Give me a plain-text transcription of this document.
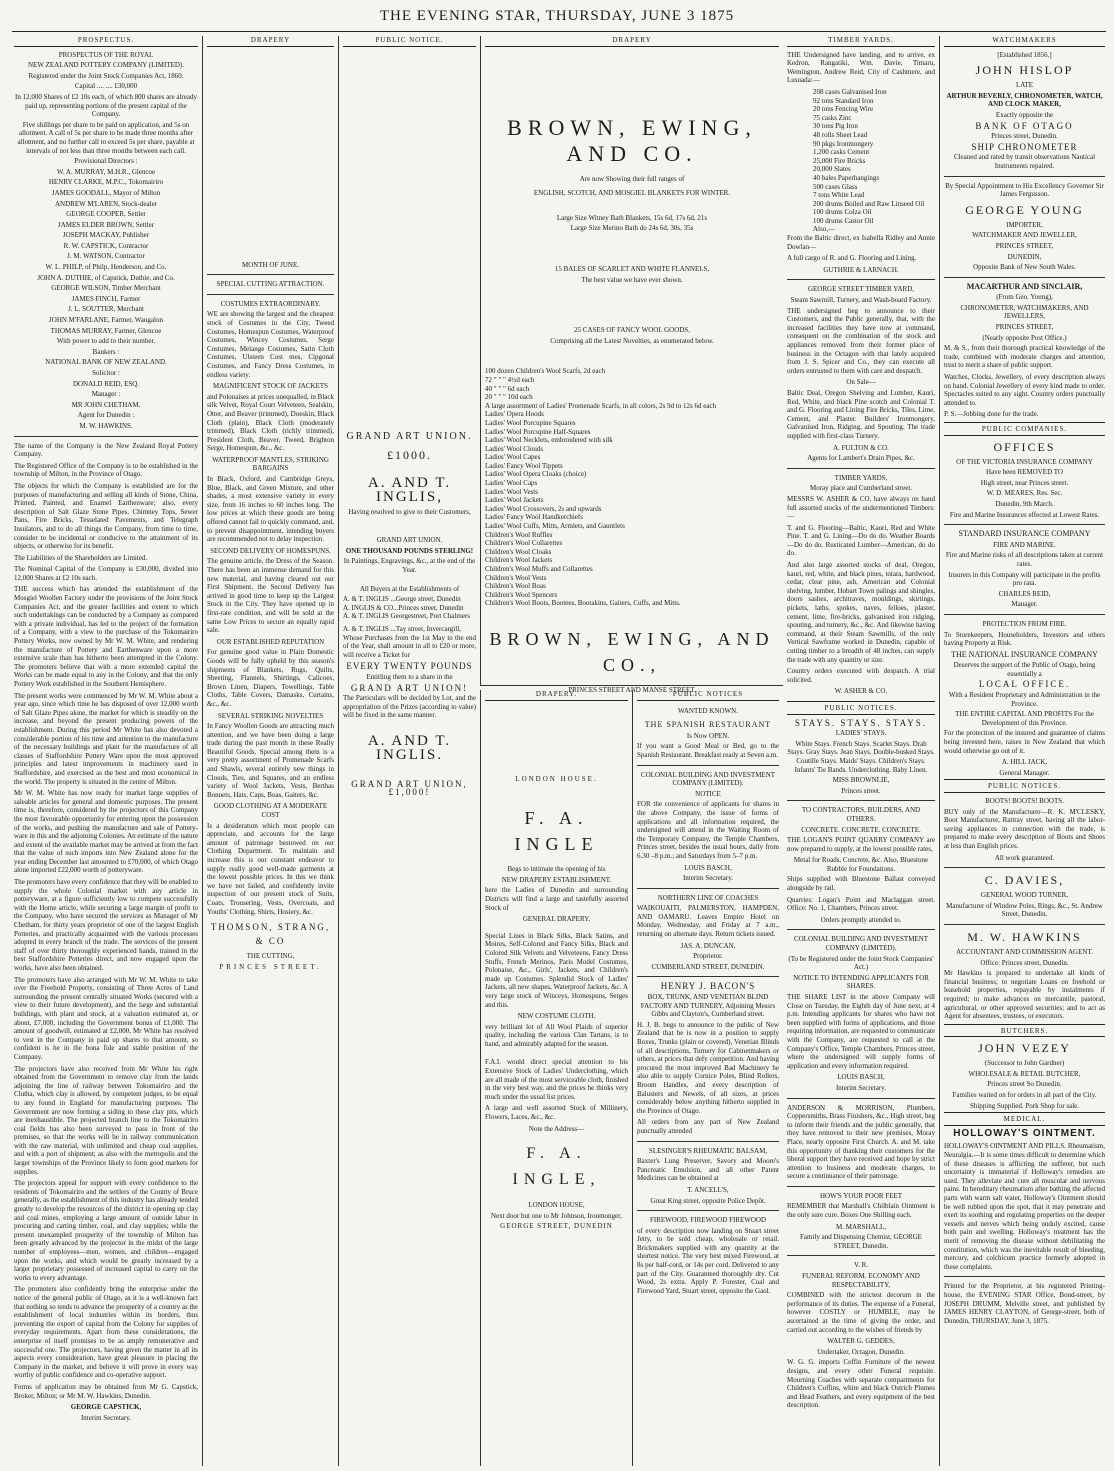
THE EVENING STAR, THURSDAY, JUNE 3 1875
PROSPECTUS.
PROSPECTUS OF THE ROYAL
NEW ZEALAND POTTERY COMPANY (LIMITED).
Registered under the Joint Stock Companies Act, 1860.
Capital .... .... £30,000
In 12,000 Shares of £2 10s each, of which 800 shares are already paid up, representing portions of the present capital of the Company.
Five shillings per share to be paid on application, and 5s on allotment. A call of 5s per share to be made three months after allotment, and no further call to exceed 5s per share, payable at intervals of not less than three months between each call.
Provisional Directors :
W. A. MURRAY, M.H.R., Glencoe
HENRY CLARKE, M.P.C., Tokomairiro
JAMES GOODALL, Mayor of Milton
ANDREW M'LAREN, Stock-dealer
GEORGE COOPER, Settler
JAMES ELDER BROWN, Settler
JOSEPH MACKAY, Publisher
R. W. CAPSTICK, Contractor
J. M. WATSON, Contractor
W. L. PHILP, of Philp, Henderson, and Co.
JOHN A. DUTHIE, of Capstick, Duthie, and Co.
GEORGE WILSON, Timber Merchant
JAMES FINCH, Farmer
J. L. SOUTTER, Merchant
JOHN M'FARLANE, Farmer, Waugalon
THOMAS MURRAY, Farmer, Glencoe
With power to add to their number.
Bankers :
NATIONAL BANK OF NEW ZEALAND.
Solicitor :
DONALD REID, ESQ.
Manager :
MR JOHN CHETHAM.
Agent for Dunedin :
M. W. HAWKINS.
The name of the Company is the New Zealand Royal Pottery Company.
The Registered Office of the Company is to be established in the township of Milton, in the Province of Otago.
The objects for which the Company is established are for the purposes of manufacturing and selling all kinds of Stone, China, Printed, Painted, and Enamel Earthenware; also, every description of Salt Glaze Stone Pipes, Chimney Tops, Sewer Pans, Fire Bricks, Tesselated Pavements, and Telegraph Insulators, and to do all things the Company, from time to time, consider to be incidental or conducive to the attainment of its objects, or otherwise for its benefit.
The Liabilities of the Shareholders are Limited.
The Nominal Capital of the Company is £30,000, divided into 12,000 Shares at £2 10s each.
THE success which has attended the establishment of the Mosgiel Woollen Factory under the provisions of the Joint Stock Companies Act, and the greater facilities and extent to which such undertakings can be conducted by a Company as compared with a private individual, has led to the project of the formation of a Company, with a view to the purchase of the Tokomairiro Pottery Works, now owned by Mr W. M. White, and rendering the manufacture of Pottery and Earthenware upon a more extensive scale than has hitherto been attempted in the Colony. The promoters believe that with a more extended capital the Works can be made equal to any in the Colony, and that the only Pottery Work established in the Southern Hemisphere.
The present works were commenced by Mr W. M. White about a year ago, since which time he has disposed of over 12,000 worth of Salt Glaze Pipes alone, the market for which is steadily on the increase, and beyond the present producing powers of the establishment. During this period Mr White has also devoted a considerable portion of his time and attention to the manufacture of the necessary buildings and plant for the manufacture of all classes of Staffordshire Pottery Ware upon the most approved principles and latest improvements in machinery used in Staffordshire, and exercised as the best and most economical in the world. The property is situated in the centre of Milton.
Mr W. M. White has now ready for market large supplies of saleable articles for general and domestic purposes. The present time is, therefore, considered by the projectors of this Company the most favourable opportunity for entering upon the possession of the works, and pushing the manufacture and sale of Pottery-ware in this and the adjoining Colonies. An estimate of the nature and extent of the available market may be arrived at from the fact that the value of such imports into New Zealand alone for the year ending December last amounted to £70,000, of which Otago alone imported £22,000 worth of potteryware.
The promoters have every confidence that they will be enabled to supply the whole Colonial market with any article in potteryware, at a figure sufficiently low to compete successfully with the Home article, while securing a large margin of profit to the Company, who have secured the services as Manager of Mr Chetham, for thirty years proprietor of one of the largest English Potteries, and practically acquainted with the various processes adopted in every branch of the trade. The services of the present staff of over thirty thoroughly experienced hands, trained in the best Staffordshire Potteries direct, and now engaged upon the works, have also been obtained.
The promoters have also arranged with Mr W. M. White to take over the Freehold Property, consisting of Three Acres of Land surrounding the present centrally situated Works (secured with a view to their future development), and the large and substantial buildings, with plant and stock, at a valuation estimated at, or about, £7,000, including the Government bonus of £1,000. The amount of goodwill, estimated at £2,000, Mr White has resolved to vest in the Company in paid up shares to that amount, so confident is he in the bona fide and stable position of the Company.
The projectors have also received from Mr White his right obtained from the Government to remove clay from the lands adjoining the line of railway between Tokomairiro and the Clutha, which clay is allowed, by competent judges, to be equal to any found in England for manufacturing purposes. The Government are now forming a siding to these clay pits, which are inexhaustible. The projected branch line to the Tokomairiro coal fields has also been surveyed to pass in front of the premises, so that the works will be in railway communication with the raw material, with unlimited and cheap coal supplies, and with a port of shipment; as also with the metropolis and the larger townships of the Province likely to form good markets for supplies.
The projectors appeal for support with every confidence to the residents of Tokomairiro and the settlers of the County of Bruce generally, as the establishment of this industry has already tended greatly to develop the resources of the district in opening up clay and coal mines, employing a large amount of outside labor in procuring and carting timber, coal, and clay supplies; while the present unexampled prosperity of the township of Milton has been greatly advanced by the projector in the midst of the large number of employees—men, women, and children—engaged upon the works, and which would be greatly increased by a larger proprietary possessed of increased capital to carry on the works to every advantage.
The promoters also confidently bring the enterprise under the notice of the general public of Otago, as it is a well-known fact that nothing so tends to advance the prosperity of a country as the establishment of local industries within its borders, thus preventing the export of capital from the Colony for supplies of everyday requirements. Apart from these considerations, the enterprise of itself promises to be as amply remunerative and successful one. The projectors, having given the matter in all its aspects every consideration, have great pleasure in placing the Company in the market, and believe it will prove in every way worthy of public confidence and co-operative support.
Forms of application may be obtained from Mr G. Capstick, Broker, Milton; or Mr M. W. Hawkins, Dunedin.
GEORGE CAPSTICK,
Interim Secretary.
DRAPERY
MONTH OF JUNE.
SPECIAL CUTTING ATTRACTION.
COSTUMES EXTRAORDINARY.
WE are showing the largest and the cheapest stock of Costumes in the City, Tweed Costumes, Homespun Costumes, Waterproof Costumes, Wincey Costumes, Serge Costumes, Melange Costumes, Satin Cloth Costumes, Ulsteen Cost mes, Cipgonal Costumes, and Fancy Dress Costumes, in endless variety.
MAGNIFICENT STOCK OF JACKETS
and Polonaises at prices unequalled, in Black silk Velvet, Royal Court Velveteen, Sealskin, Otter, and Beaver (trimmed), Doeskin, Black Cloth (plain), Black Cloth (moderately trimmed), Black Cloth (richly trimmed), President Cloth, Beaver, Tweed, Brighton Serge, Homespun, &c., &c.
WATERPROOF MANTLES, STRIKING BARGAINS
In Black, Oxford, and Cambridge Greys, Blue, Black, and Green Mixture, and other shades, a most extensive variety in every size, from 16 inches to 60 inches long. The low prices at which these goods are being offered cannot fail to quickly command, and, to prevent disappointment, intending buyers are recommended not to delay inspection.
SECOND DELIVERY OF HOMESPUNS.
The genuine article, the Dress of the Season. There has been an immense demand for this new material, and having cleared out our First Shipment, the Second Delivery has arrived in good time to keep up the Largest Stock in the City. They have opened up in first-rate condition, and will be sold at the same Low Prices to secure an equally rapid sale.
OUR ESTABLISHED REPUTATION
For genuine good value in Plain Domestic Goods will be fully upheld by this season's shipments of Blankets, Rugs, Quilts, Sheeting, Flannels, Shirtings, Calicoes, Brown Linen, Diapers, Towellings, Table Cloths, Table Covers, Damasks, Curtains, &c., &c.
SEVERAL STRIKING NOVELTIES
In Fancy Woollen Goods are attracting much attention, and we have been doing a large trade during the past month in these Really Beautiful Goods. Special among them is a very pretty assortment of Promenade Scarfs and Shawls, several entirely new things in Clouds, Ties, and Squares, and an endless variety of Wool Jackets, Vests, Berthas Bonnets, Hats, Caps, Boas, Gaiters, &c.
GOOD CLOTHING AT A MODERATE COST
Is a desideratum which most people can appreciate, and accounts for the large amount of patronage bestowed on our Clothing Department. To maintain and increase this is our constant endeavor to supply really good well-made garments at the lowest possible prices. In this we think we have not failed, and confidently invite inspection of our present stock of Suits, Coats, Trousering, Vests, Overcoats, and Youths' Clothing, Shirts, Hosiery, &c.
THOMSON, STRANG, & CO
THE CUTTING,
PRINCES STREET.
PUBLIC NOTICE.
GRAND ART UNION.
£1000.
A. AND T. INGLIS,
Having resolved to give to their Customers,
GRAND ART UNION.
ONE THOUSAND POUNDS STERLING!
In Paintings, Engravings, &c., at the end of the Year.
All Buyers at the Establishments of
A. & T. INGLIS ...George street, Dunedin
A. INGLIS & CO...Princes street, Dunedin
A. & T. INGLIS Georgestreet, Port Chalmers
A. & T. INGLIS ...Tay street, Invercargill,
Whose Purchases from the 1st May to the end of the Year, shall amount in all to £20 or more, will receive a Ticket for
EVERY TWENTY POUNDS
Entitling them to a share in the
GRAND ART UNION!
The Particulars will be decided by Lot, and the appropriation of the Prizes (according to value) will be fixed in the same manner.
A. AND T. INGLIS.
GRAND ART UNION, £1,000!
DRAPERY
BROWN, EWING, AND CO.
Are now Showing their full ranges of
ENGLISH, SCOTCH, AND MOSGIEL BLANKETS FOR WINTER.
Large Size Witney Bath Blankets, 15s 6d, 17s 6d, 21s
Large Size Merino Bath do 24s 6d, 30s, 35s
15 BALES OF SCARLET AND WHITE FLANNELS,
The best value we have ever shown.
25 CASES OF FANCY WOOL GOODS,
Comprising all the Latest Novelties, as enumerated below.
100 dozen Children's Wool Scarfs, 2d each
72 " " " 4½d each
40 " " " 6d each
20 " " " 10d each
A large assortment of Ladies' Promenade Scarfs, in all colors, 2s 9d to 12s 6d each
Ladies' Opera Hoods
Ladies' Wool Porcupine Squares
Ladies' Wool Porcupine Half-Squares
Ladies' Wool Necklets, embroidered with silk
Ladies' Wool Clouds
Ladies' Wool Capes
Ladies' Fancy Wool Tippets
Ladies' Wool Opera Cloaks (choice)
Ladies' Wool Caps
Ladies' Wool Vests
Ladies' Wool Jackets
Ladies' Wool Crossovers, 2s and upwards
Ladies' Fancy Wool Handkerchiefs
Ladies' Wool Cuffs, Mitts, Armlets, and Gauntlets
Children's Wool Ruffles
Children's Wool Collarettes
Children's Wool Cloaks
Children's Wool Jackets
Children's Wool Muffs and Collarettes
Children's Wool Vests
Children's Wool Boas
Children's Wool Spencers
Children's Wool Boots, Bootees, Bootakins, Gaiters, Cuffs, and Mitts.
BROWN, EWING, AND CO.,
PRINCES STREET AND MANSE STREET.
DRAPERY.
LONDON HOUSE.
F. A. INGLE
Begs to intimate the opening of his
NEW DRAPERY ESTABLISHMENT.
here the Ladies of Dunedin and surrounding Districts will find a large and tastefully assorted Stock of
GENERAL DRAPERY.
Special Lines in Black Silks, Black Satins, and Moires, Self-Colored and Fancy Silks, Black and Colored Silk Velvets and Velveteens, Fancy Dress Stuffs, French Merinos, Paris Model Costumes, Polonaise, &c., Girls', Jackets, and Children's made up Costumes. Splendid Stock of Ladies' Jackets, all new shapes, Waterproof Jackets, &c. A very large stock of Winceys, Homespuns, Serges and this.
NEW COSTUME CLOTH.
very brilliant lot of All Wool Plaids of superior quality, including the various Clan Tartans, is to hand, and admirably adapted for the season.
F.A.I. would direct special attention to his Extensive Stock of Ladies' Underclothing, which are all made of the most serviceable cloth, finished in the very best way, and the prices he thinks very much under the usual list prices.
A large and well assorted Stock of Millinery, Flowers, Laces, &c., &c.
Note the Address—
F. A. INGLE,
LONDON HOUSE,
Next door but one to Mr Johnson, Ironmonger,
GEORGE STREET, DUNEDIN
PUBLIC NOTICES
WANTED KNOWN.
THE SPANISH RESTAURANT
Is Now OPEN.
If you want a Good Meal or Bed, go to the Spanish Restaurant. Breakfast ready at Seven a.m.
COLONIAL BUILDING AND INVESTMENT COMPANY (LIMITED).
NOTICE
FOR the convenience of applicants for shares in the above Company, the issue of forms of applications and all information required, the undersigned will attend in the Waiting Room of the Temporary Company, the Temple Chambers, Princes street, besides the usual hours, daily from 6.30 –8 p.m.; and Saturdays from 5–7 p.m.
LOUIS BASCH,
Interim Secretary.
NORTHERN LINE OF COACHES
WAIKOUAITI, PALMERSTON, HAMPDEN, AND OAMARU. Leaves Empire Hotel on Monday, Wednesday, and Friday at 7 a.m., returning on alternate days. Return tickets issued.
JAS. A. DUNCAN,
Proprietor.
CUMBERLAND STREET, DUNEDIN.
HENRY J. BACON'S
BOX, TRUNK, AND VENETIAN BLIND FACTORY AND TURNERY, Adjoining Messrs Gibbs and Clayton's, Cumberland street.
H. J. B. begs to announce to the public of New Zealand that he is now in a position to supply Boxes, Trunks (plain or covered), Venetian Blinds of all descriptions, Turnery for Cabinetmakers or others, at prices that defy competition. And having procured the most improved Bad Machinery he also able to supply Cornice Poles, Blind Rollers, Broom Handles, and every description of Balusters and Newels, of all sizes, at prices considerably below anything hitherto supplied in the Province of Otago.
All orders from any part of New Zealand punctually attended
SLESINGER'S RHEUMATIC BALSAM,
Baxter's Lung Preserver, Savory and Moore's Pancreatic Emulsion, and all other Patent Medicines can be obtained at
T. ANCELL'S,
Great King street, opposite Police Depôt.
FIREWOOD, FIREWOOD FIREWOOD
of every description now landing on Stuart street Jetty, to be sold cheap, wholesale or retail. Brickmakers supplied with any quantity at the shortest notice. The very best mixed Firewood, at 8s per half-cord, or 14s per cord. Delivered to any part of the City. Guaranteed thoroughly dry. Cut Wood, 2s extra. Apply P. Forester, Coal and Firewood Yard, Stuart street, opposite the Gaol.
TIMBER YARDS.
THE Undersigned have landing, and to arrive, ex Kedron, Rangatiki, Wm. Davie, Timaru, Wemington, Andrew Reid, City of Cashmere, and Lusuada:—
208 cases Galvanised Iron
92 tons Standard Iron
20 tons Fencing Wire
75 casks Zinc
30 tons Pig Iron
48 rolls Sheet Lead
90 pkgs Ironmongery
1,200 casks Cement
25,000 Fire Bricks
20,000 Slates
40 bales Paperhangings
500 cases Glass
7 tons White Lead
200 drums Boiled and Raw Linseed Oil
100 drums Colza Oil
100 drums Castor Oil
Also,—
From the Baltic direct, ex Isabella Ridley and Annie Dowlan—
A full cargo of R. and G. Flooring and Lining.
GUTHRIE & LARNACH.
GEORGE STREET TIMBER YARD,
Steam Sawmill, Turnery, and Wash-board Factory.
THE undersigned beg to announce to their Customers, and the Public generally, that, with the increased facilities they have now at command, consequent on the combination of the stock and appliances removed from their former place of business in the Octagon with that lately acquired from J. S. Spicer and Co., they can execute all orders entrusted to them with care and despatch.
On Sale—
Baltic Deal, Oregon Shelving and Lumber, Kauri, Red, White, and black Pine scotch and Colonial T. and G. Flooring and Lining Fire Bricks, Tiles, Lime, Cement, and Plaster. Builders' Ironmongery, Galvanised Iron, Ridging, and Spouting. The trade supplied with first-class Turnery.
A. FULTON & CO.
Agents for Lambert's Drain Pipes, &c.
TIMBER YARDS,
Moray place and Cumberland street.
MESSRS W. ASHER & CO. have always on hand full assorted stocks of the undermentioned Timbers:—
T. and G. Flooring—Baltic, Kauri, Red and White Pine. T. and G. Lining—Do do do. Weather Boards—Do do do. Rusticated Lumber—American, do do do.
And also large assorted stocks of deal, Oregon, kauri, red, white, and black pines, totara, hardwood, cedar, clear pine, ash, American and Colonial shelving, lumber, Hobart Town palings and shingles, doors sashes, architraves, mouldings, skirtings, pickets, laths, spokes, naves, felloes, plaster, cement, lime, fire-bricks, galvanised iron ridging, spouting, and turnery, &c., &c. And likewise having command, at their Steam Sawmills, of the only Vertical Sawframe worked in Dunedin, capable of cutting timber to a breadth of 48 inches, can supply the trade with any quantity or size.
Country orders executed with despatch. A trial solicited.
W. ASHER & CO.
PUBLIC NOTICES.
STAYS. STAYS. STAYS.
LADIES' STAYS.
White Stays. French Stays. Scarlet Stays. Drab Stays. Gray Stays. Jean Stays. Double-busked Stays. Coutille Stays. Maids' Stays. Children's Stays. Infants' Tie Bands. Underclothing. Baby Linen.
MISS BROWNLIE,
Princes street.
TO CONTRACTORS, BUILDERS, AND OTHERS.
CONCRETE. CONCRETE. CONCRETE.
THE LOGAN'S POINT QUARRY COMPANY are now prepared to supply, at the lowest possible rates,
Metal for Roads, Concrete, &c. Also, Bluestone Rubble for Foundations.
Ships supplied with Bluestone Ballast conveyed alongside by rail.
Quarries: Logan's Point and Maclaggan street. Office: No. 1, Chambers, Princes street.
Orders promptly attended to.
COLONIAL BUILDING AND INVESTMENT COMPANY (LIMITED).
(To be Registered under the Joint Stock Companies' Act.)
NOTICE TO INTENDING APPLICANTS FOR SHARES.
THE SHARE LIST in the above Company will Close on Tuesday, the Eighth day of June next, at 4 p.m. Intending applicants for shares who have not been supplied with forms of applications, and those requiring information, are requested to communicate with the Company, are requested to call at the Company's Office, Temple Chambers, Princes street, where the undersigned will supply forms of application and every information required.
LOUIS BASCH,
Interim Secretary.
ANDERSON & MORRISON, Plumbers, Coppersmiths, Brass Finishers, &c., High street, beg to inform their friends and the public generally, that they have removed to their new premises, Moray Place, nearly opposite First Church. A. and M. take this opportunity of thanking their customers for the liberal support they have received and hope by strict attention to business and moderate charges, to secure a continuance of their patronage.
HOW'S YOUR POOR FEET
REMEMBER that Marshall's Chilblain Ointment is the only sure cure. Boxes One Shilling each.
M. MARSHALL,
Family and Dispensing Chemist, GEORGE STREET, Dunedin.
V. R.
FUNERAL REFORM. ECONOMY AND RESPECTABILITY,
COMBINED with the strictest decorum in the performance of its duties. The expense of a Funeral, however COSTLY or HUMBLE, may be ascertained at the time of giving the order, and carried out according to the wishes of friends by
WALTER G. GEDDES,
Undertaker, Octagon, Dunedin.
W. G. G. imports Coffin Furniture of the newest designs, and every other Funeral requisite. Mourning Coaches with separate compartments for Children's Coffins, white and black Ostrich Plumes and Head Feathers, and every equipment of the best description.
WATCHMAKERS
[Established 1856.]
JOHN HISLOP
LATE
ARTHUR BEVERLY, CHRONOMETER, WATCH, AND CLOCK MAKER,
Exactly opposite the
BANK OF OTAGO
Princes street, Dunedin.
SHIP CHRONOMETER
Cleaned and rated by transit observations Nautical Instruments repaired.
By Special Appointment to His Excellency Governor Sir James Fergusson.
GEORGE YOUNG
IMPORTER,
WATCHMAKER AND JEWELLER,
PRINCES STREET,
DUNEDIN,
Opposite Bank of New South Wales.
MACARTHUR AND SINCLAIR,
(From Geo. Young),
CHRONOMETER, WATCHMAKERS, AND JEWELLERS,
PRINCES STREET,
(Nearly opposite Post Office.)
M. & S., from their thorough practical knowledge of the trade, combined with moderate charges and attention, trust to merit a share of public support.
Watches, Clocks, Jewellery, of every description always on hand. Colonial Jewellery of every kind made to order. Spectacles suited to any sight. Country orders punctually attended to.
P. S.—Jobbing done for the trade.
PUBLIC COMPANIES.
OFFICES
OF THE VICTORIA INSURANCE COMPANY
Have been REMOVED TO
High street, near Princes street.
W. D. MEARES, Res. Sec.
Dunedin, 9th March.
Fire and Marine Insurances effected at Lowest Rates.
STANDARD INSURANCE COMPANY
FIRE AND MARINE.
Fire and Marine risks of all descriptions taken at current rates.
Insurers in this Company will participate in the profits pro rata.
CHARLES REID,
Manager.
PROTECTION FROM FIRE.
To Storekeepers, Householders, Investors and others having Property at Risk.
THE NATIONAL INSURANCE COMPANY
Deserves the support of the Public of Otago, being essentially a
LOCAL OFFICE.
With a Resident Proprietary and Administration in the Province.
THE ENTIRE CAPITAL AND PROFITS For the Development of this Province.
For the protection of the insured and guarantee of claims being invested here, raises in New Zealand that which would otherwise go out of it.
A. HILL JACK,
General Manager.
PUBLIC NOTICES.
BOOTS! BOOTS! BOOTS.
BUY only of the Manufacturer—R. K. M'CLESKY, Boot Manufacturer, Rattray street, having all the labor-saving appliances in connection with the trade, is prepared to make every description of Boots and Shoes at less than English prices.
All work guaranteed.
C. DAVIES,
GENERAL WOOD TURNER,
Manufacturer of Window Poles, Rings, &c., St. Andrew Street, Dunedin.
M. W. HAWKINS
ACCOUNTANT AND COMMISSION AGENT.
Office: Princes street, Dunedin.
Mr Hawkins is prepared to undertake all kinds of financial business; to negotiate Loans on freehold or leasehold properties, repayable by instalments if required; to make advances on mercantile, pastoral, agricultural, or other approved securities; and to act as Agent for absentees, trustees, or executors.
BUTCHERS.
JOHN VEZEY
(Successor to John Gardner)
WHOLESALE & RETAIL BUTCHER,
Princes street So Dunedin.
Families waited on for orders in all part of the City.
Shipping Supplied. Pork Shop for sale.
MEDICAL.
HOLLOWAY'S OINTMENT.
HOLLOWAY'S OINTMENT AND PILLS. Rheumatism, Neuralgia.—It is some times difficult to determine which of these diseases is afflicting the sufferer, but such uncertainty is immaterial if Holloway's remedies are used. They alleviate and cure all muscular and nervous pains. In hereditary rheumatism after bathing the affected parts with warm salt water, Holloway's Ointment should be well rubbed upon the spot, that it may penetrate and exert its soothing and regulating properties on the deeper vessels and nerves which being unduly excited, cause both pain and swelling. Holloway's treatment has the merit of removing the disease without debilitating the constitution, which was the inevitable result of bleeding, mercury, and colchicum practice formerly adopted in these complaints.
Printed for the Proprietor, at his registered Printing-house, the EVENING STAR Office, Bond-street, by JOSEPH DRUMM, Melville street, and published by JAMES HENRY CLAYTON, of George-street, both of Dunedin, THURSDAY, June 3, 1875.
